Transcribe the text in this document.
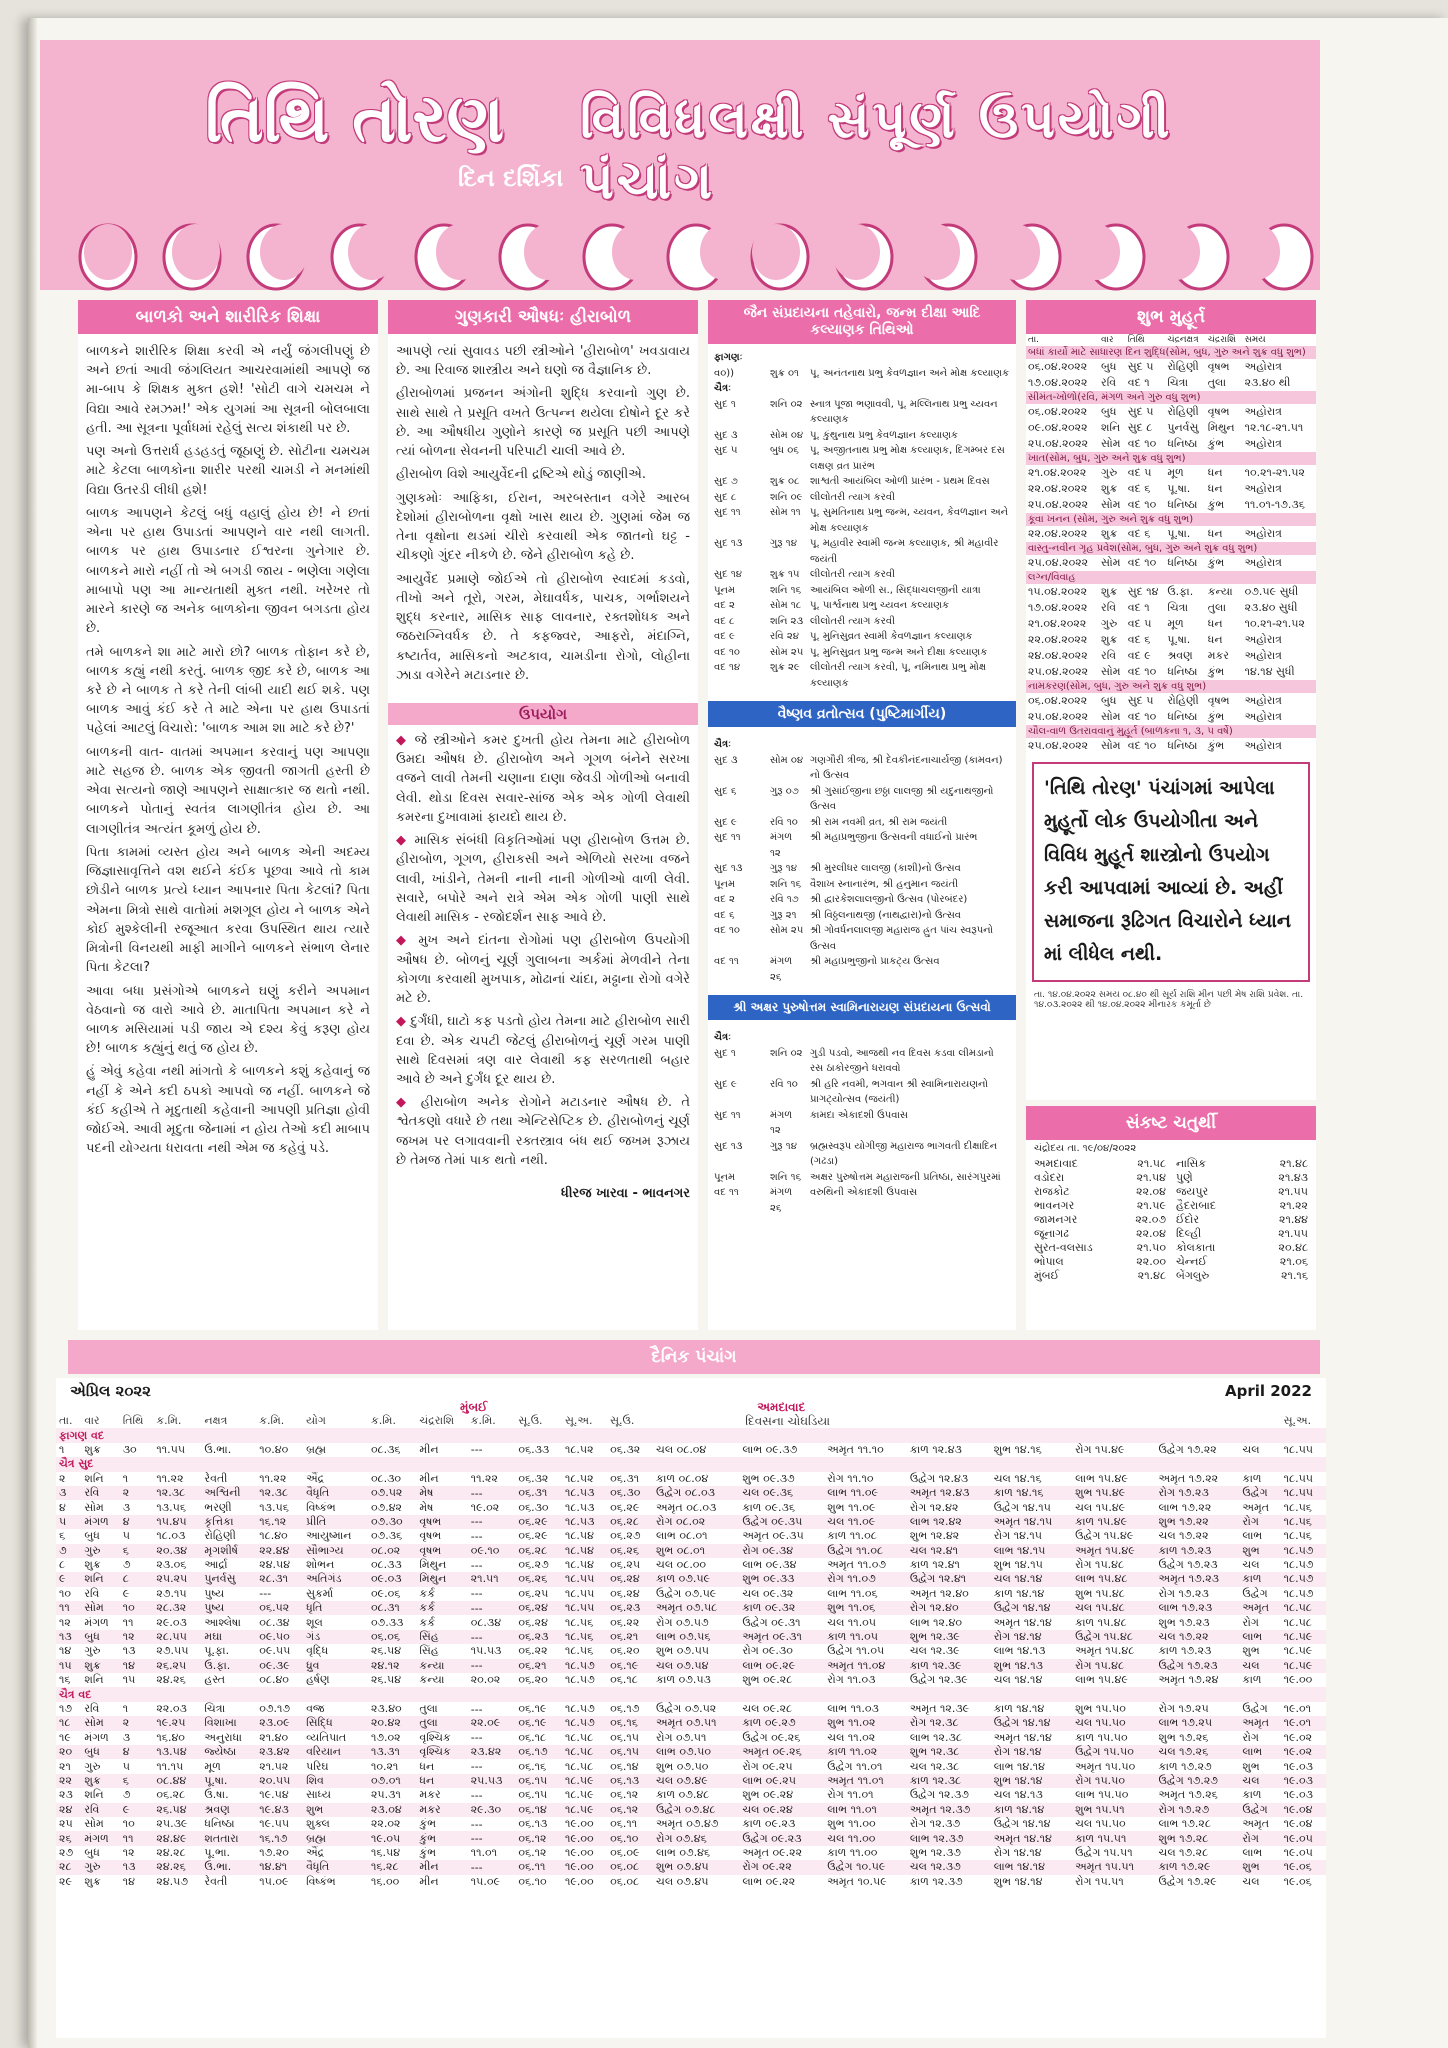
તિથિ તોરણ વિવિધલક્ષી સંપૂર્ણ ઉપયોગી પંચાંગ
દિન દર્શિકા
બાળકો અને શારીરિક શિક્ષા

બાળકને શારીરિક શિક્ષા કરવી એ નર્યું જંગલીપણું છે અને છતાં આવી જંગલિયત આચરવામાંથી આપણે જ મા-બાપ કે શિક્ષક મુક્ત હશે! 'સોટી વાગે ચમચમ ને વિદ્યા આવે રમઝમ!' એક યુગમાં આ સૂત્રની બોલબાલા હતી. આ સૂત્રના પૂર્વાધમાં રહેલું સત્ય શંકાથી પર છે.

પણ અનો ઉત્તરાર્ધ હડહડતું જૂઠાણું છે. સોટીના ચમચમ માટે કેટલા બાળકોના શારીર પરથી ચામડી ને મનમાંથી વિદ્યા ઉતરડી લીધી હશે!

બાળક આપણને કેટલું બધું વહાલું હોય છે! ને છતાં એના પર હાથ ઉપાડતાં આપણને વાર નથી લાગતી. બાળક પર હાથ ઉપાડનાર ઈશ્વરના ગુનેગાર છે. બાળકને મારો નહીં તો એ બગડી જાય - ભણેલા ગણેલા માબાપો પણ આ માન્યતાથી મુક્ત નથી. ખરેખર તો મારને કારણે જ અનેક બાળકોના જીવન બગડતા હોય છે.

તમે બાળકને શા માટે મારો છો? બાળક તોફાન કરે છે, બાળક કહ્યું નથી કરતું. બાળક જીદ કરે છે, બાળક આ કરે છે ને બાળક તે કરે તેની લાંબી યાદી થઈ શકે. પણ બાળક આવું કંઈ કરે તે માટે એના પર હાથ ઉપાડતાં પહેલાં આટલું વિચારો: 'બાળક આમ શા માટે કરે છે?'

બાળકની વાત- વાતમાં અપમાન કરવાનું પણ આપણા માટે સહજ છે. બાળક એક જીવતી જાગતી હસ્તી છે એવા સત્યનો જાણે આપણને સાક્ષાત્કાર જ થતો નથી. બાળકને પોતાનું સ્વતંત્ર લાગણીતંત્ર હોય છે. આ લાગણીતંત્ર અત્યંત કૂમળું હોય છે.

પિતા કામમાં વ્યસ્ત હોય અને બાળક એની અદમ્ય જિજ્ઞાસાવૃત્તિને વશ થઈને કંઈક પૂછવા આવે તો કામ છોડીને બાળક પ્રત્યે ધ્યાન આપનાર પિતા કેટલાં? પિતા એમના મિત્રો સાથે વાતોમાં મશગૂલ હોય ને બાળક એને કોઈ મુશ્કેલીની રજૂઆત કરવા ઉપસ્થિત થાય ત્યારે મિત્રોની વિનયથી માફી માગીને બાળકને સંભાળ લેનાર પિતા કેટલા?

આવા બધા પ્રસંગોએ બાળકને ઘણું કરીને અપમાન વેઠવાનો જ વારો આવે છે. માતાપિતા અપમાન કરે ને બાળક મસિયામાં પડી જાય એ દશ્ય કેવું કરૂણ હોય છે! બાળક કહ્યુંનું થતું જ હોય છે.

હું એવું કહેવા નથી માંગતો કે બાળકને કશું કહેવાનું જ નહીં કે એને કદી ઠપકો આપવો જ નહીં. બાળકને જે કંઈ કહીએ તે મૃદુતાથી કહેવાની આપણી પ્રતિજ્ઞા હોવી જોઈએ. આવી મૃદુતા જેનામાં ન હોય તેઓ કદી માબાપ પદની યોગ્યતા ધરાવતા નથી એમ જ કહેવું પડે.

ગુણકારી ઔષધઃ હીરાબોળ

આપણે ત્યાં સુવાવડ પછી સ્ત્રીઓને 'હીરાબોળ' ખવડાવાય છે. આ રિવાજ શાસ્ત્રીય અને ઘણો જ વૈજ્ઞાનિક છે.

હીરાબોળમાં પ્રજનન અંગોની શુદ્ધિ કરવાનો ગુણ છે. સાથે સાથે તે પ્રસૂતિ વખતે ઉત્પન્ન થયેલા દોષોને દૂર કરે છે. આ ઔષધીય ગુણોને કારણે જ પ્રસૂતિ પછી આપણે ત્યાં બોળના સેવનની પરિપાટી ચાલી આવે છે.

હીરાબોળ વિશે આયુર્વેદની દ્રષ્ટિએ થોડું જાણીએ.

ગુણકમોઃ આફિકા, ઈરાન, અરબસ્તાન વગેરે આરબ દેશોમાં હીરાબોળના વૃક્ષો ખાસ થાય છે. ગુણમાં જેમ જ તેના વૃક્ષોના થડમાં ચીરો કરવાથી એક જાતનો ઘટ્ટ - ચીકણો ગુંદર નીકળે છે. જેને હીરાબોળ કહે છે.

આયુર્વેદ પ્રમાણે જોઈએ તો હીરાબોળ સ્વાદમાં કડવો, તીખો અને તૂરો, ગરમ, મેઘાવર્ધક, પાચક, ગર્ભાશયને શુદ્ધ કરનાર, માસિક સાફ લાવનાર, રક્તશોધક અને જઠરાગ્નિવર્ધક છે. તે કફજ્વર, આફરો, મંદાગ્નિ, કષ્ટાર્તવ, માસિકનો અટકાવ, ચામડીના રોગો, લોહીના ઝાડા વગેરેને મટાડનાર છે.

ઉપયોગ

◆ જે સ્ત્રીઓને કમર દુખતી હોય તેમના માટે હીરાબોળ ઉમદા ઔષધ છે. હીરાબોળ અને ગૂગળ બંનેને સરખા વજને લાવી તેમની ચણાના દાણા જેવડી ગોળીઓ બનાવી લેવી. થોડા દિવસ સવાર-સાંજ એક એક ગોળી લેવાથી કમરના દુખાવામાં ફાયદો થાય છે.

◆ માસિક સંબંધી વિકૃતિઓમાં પણ હીરાબોળ ઉત્તમ છે. હીરાબોળ, ગૂગળ, હીરાકસી અને એળિયો સરખા વજને લાવી, ખાંડીને, તેમની નાની નાની ગોળીઓ વાળી લેવી. સવારે, બપોરે અને રાત્રે એમ એક ગોળી પાણી સાથે લેવાથી માસિક - રજોદર્શન સાફ આવે છે.

◆ મુખ અને દાંતના રોગોમાં પણ હીરાબોળ ઉપયોગી ઔષધ છે. બોળનું ચૂર્ણ ગુલાબના અર્કમાં મેળવીને તેના કોગળા કરવાથી મુખપાક, મોઢાનાં ચાંદા, મઢ્ઢાના રોગો વગેરે મટે છે.

◆ દુર્ગંધી, ઘાટો કફ પડતો હોય તેમના માટે હીરાબોળ સારી દવા છે. એક ચપટી જેટલું હીરાબોળનું ચૂર્ણ ગરમ પાણી સાથે દિવસમાં ત્રણ વાર લેવાથી કફ સરળતાથી બહાર આવે છે અને દુર્ગંધ દૂર થાય છે.

◆ હીરાબોળ અનેક રોગોને મટાડનાર ઔષધ છે. તે શ્વેતકણો વધારે છે તથા એન્ટિસેપ્ટિક છે. હીરાબોળનું ચૂર્ણ જખમ પર લગાવવાની રક્તસ્ત્રાવ બંધ થઈ જખમ રૂઝાય છે તેમજ તેમાં પાક થતો નથી.

ધીરજ ખારવા - ભાવનગર
જૈન સંપ્રદાયના તહેવારો, જન્મ દીક્ષા આદિ કલ્યાણક તિથિઓ
ફાગણઃ
વ૦))	શુક્ર ૦૧	પૂ. અનંતનાથ પ્રભુ કેવળજ્ઞાન અને મોક્ષ કલ્યાણક
ચૈત્રઃ
સુદ ૧	શનિ ૦૨ સ્નાત્ર પૂજા ભણાવવી, પૂ. મલ્લિનાથ પ્રભુ ચ્યવન કલ્યાણક
સુદ ૩	સોમ ૦૪ પૂ. કુંથુનાથ પ્રભુ કેવળજ્ઞાન કલ્યાણક
સુદ ૫	બુધ ૦૬	પૂ. અજીતનાથ પ્રભુ મોક્ષ કલ્યાણક, દિગમ્બર દસ લક્ષણ વ્રત પ્રારંભ
સુદ ૭	શુક્ર ૦૮	શાશ્વતી આયંબિલ ઓળી પ્રારંભ - પ્રથમ દિવસ
સુદ ૮	શનિ ૦૯ લીલોતરી ત્યાગ કરવી
સુદ ૧૧	સોમ ૧૧ પૂ. સુમતિનાથ પ્રભુ જન્મ, ચ્યવન, કેવળજ્ઞાન અને મોક્ષ કલ્યાણક
સુદ ૧૩	ગુરૂ ૧૪	પૂ. મહાવીર સ્વામી જન્મ કલ્યાણક, શ્રી મહાવીર જયંતી
સુદ ૧૪	શુક્ર ૧૫	લીલોતરી ત્યાગ કરવી
પૂનમ	શનિ ૧૬ આયંબિલ ઓળી સ., સિદ્ધાચલજીની યાત્રા
વદ ૨	સોમ ૧૮ પૂ. પાર્શ્વનાથ પ્રભુ ચ્યવન કલ્યાણક
વદ ૮	શનિ ૨૩ લીલોતરી ત્યાગ કરવી
વદ ૯	રવિ ૨૪	પૂ. મુનિસુવ્રત સ્વામી કેવળજ્ઞાન કલ્યાણક
વદ ૧૦	સોમ ૨૫ પૂ. મુનિસુવ્રત પ્રભુ જન્મ અને દીક્ષા કલ્યાણક
વદ ૧૪	શુક્ર ૨૯	લીલોતરી ત્યાગ કરવી, પૂ. નમિનાથ પ્રભુ મોક્ષ કલ્યાણક
વૈષ્ણવ વ્રતોત્સવ (પુષ્ટિમાર્ગીય)
ચૈત્રઃ
સુદ ૩	સોમ ૦૪ ગણગૌરી ત્રીજ, શ્રી દેવકીનંદનાચાર્યજી (કામવન) નો ઉત્સવ
સુદ ૬	ગુરૂ ૦૭	શ્રી ગુસાંઈજીના છઠ્ઠા લાલજી શ્રી યદુનાથજીનો ઉત્સવ
સુદ ૯	રવિ ૧૦	શ્રી રામ નવમી વ્રત, શ્રી રામ જયંતી
સુદ ૧૧	મંગળ ૧૨
શ્રી મહાપ્રભુજીના ઉત્સવની વધાઈનો પ્રારંભ
સુદ ૧૩	ગુરૂ ૧૪	શ્રી મુરલીધર લાલજી (કાશી)નો ઉત્સવ
પૂનમ	શનિ ૧૬ વૈશાખ સ્નાનારંભ, શ્રી હનુમાન જયંતી
વદ ૨	રવિ ૧૭	શ્રી દ્વારકેશલાલજીનો ઉત્સવ (પોરબંદર)
વદ ૬	ગુરૂ ૨૧	શ્રી વિઠ્ઠલનાથજી (નાથદ્વારા)નો ઉત્સવ
વદ ૧૦	સોમ ૨૫ શ્રી ગોવર્ધનલાલજી મહારાજ હ્રુત પાંચ સ્વરૂપનો ઉત્સવ
વદ ૧૧	મંગળ ૨૬
શ્રી મહાપ્રભુજીનો પ્રાકટ્ય ઉત્સવ
શ્રી અક્ષર પુરુષોત્તમ સ્વામિનારાયણ સંપ્રદાયના ઉત્સવો
ચૈત્રઃ
સુદ ૧	શનિ ૦૨ ગુડી પડવો, આજથી નવ દિવસ કડવા લીમડાનો રસ ઠાકોરજીને ધરાવવો
સુદ ૯	રવિ ૧૦	શ્રી હરિ નવમી, ભગવાન શ્રી સ્વામિનારાયણનો પ્રાગટ્યોત્સવ (જયંતી)
સુદ ૧૧	મંગળ ૧૨
કામદા એકાદશી ઉપવાસ
સુદ ૧૩	ગુરૂ ૧૪	બ્રહ્મસ્વરૂપ યોગીજી મહારાજ ભાગવતી દીક્ષાદિન (ગઢડા)
પૂનમ	શનિ ૧૬ અક્ષર પુરુષોત્તમ મહારાજની પ્રતિષ્ઠા, સારંગપુરમાં
વદ ૧૧	મંગળ ૨૬
વરુથિની એકાદશી ઉપવાસ
શુભ મુહૂર્ત
તા.	વાર	તિથિ	ચંદ્રનક્ષત્ર	ચંદ્રરાશિ	સમય
બધાં કાર્યો માટે સાધારણ દિન શુદ્ધિ(સોમ, બુધ, ગુરુ અને શુક્ર વધુ શુભ)					
૦૬.૦૪.૨૦૨૨	બુધ	સુદ ૫	રોહિણી	વૃષભ	અહોરાત્ર
૧૭.૦૪.૨૦૨૨	રવિ	વદ ૧	ચિત્રા	તુલા	૨૩.૪૦ થી
સીમંત-ખોળો(રવિ, મંગળ અને ગુરુ વધુ શુભ)					
૦૬.૦૪.૨૦૨૨	બુધ	સુદ ૫	રોહિણી	વૃષભ	અહોરાત્ર
૦૯.૦૪.૨૦૨૨	શનિ	સુદ ૮	પુનર્વસુ	મિથુન	૧૨.૧૮-૨૧.૫૧
૨૫.૦૪.૨૦૨૨	સોમ	વદ ૧૦	ધનિષ્ઠા	કુંભ	અહોરાત્ર
ખાત(સોમ, બુધ, ગુરુ અને શુક્ર વધુ શુભ)					
૨૧.૦૪.૨૦૨૨	ગુરુ	વદ ૫	મૂળ	ધન	૧૦.૨૧-૨૧.૫૨
૨૨.૦૪.૨૦૨૨	શુક્ર	વદ ૬	પૂ.ષા.	ધન	અહોરાત્ર
૨૫.૦૪.૨૦૨૨	સોમ	વદ ૧૦	ધનિષ્ઠા	કુંભ	૧૧.૦૧-૧૭.૩૬
કૂવા ખનન (સોમ, ગુરુ અને શુક્ર વધુ શુભ)					
૨૨.૦૪.૨૦૨૨	શુક્ર	વદ ૬	પૂ.ષા.	ધન	અહોરાત્ર
વાસ્તુ-નવીન ગૃહ પ્રવેશ(સોમ, બુધ, ગુરુ અને શુક્ર વધુ શુભ)					
૨૫.૦૪.૨૦૨૨	સોમ	વદ ૧૦	ધનિષ્ઠા	કુંભ	અહોરાત્ર
લગ્ન/વિવાહ					
૧૫.૦૪.૨૦૨૨	શુક્ર	સુદ ૧૪	ઉ.ફા.	કન્યા	૦૭.૫૯ સુધી
૧૭.૦૪.૨૦૨૨	રવિ	વદ ૧	ચિત્રા	તુલા	૨૩.૪૦ સુધી
૨૧.૦૪.૨૦૨૨	ગુરુ	વદ ૫	મૂળ	ધન	૧૦.૨૧-૨૧.૫૨
૨૨.૦૪.૨૦૨૨	શુક્ર	વદ ૬	પૂ.ષા.	ધન	અહોરાત્ર
૨૪.૦૪.૨૦૨૨	રવિ	વદ ૯	શ્રવણ	મકર	અહોરાત્ર
૨૫.૦૪.૨૦૨૨	સોમ	વદ ૧૦	ધનિષ્ઠા	કુંભ	૧૪.૧૪ સુધી
નામકરણ(સોમ, બુધ, ગુરુ અને શુક્ર વધુ શુભ)					
૦૬.૦૪.૨૦૨૨	બુધ	સુદ ૫	રોહિણી	વૃષભ	અહોરાત્ર
૨૫.૦૪.૨૦૨૨	સોમ	વદ ૧૦	ધનિષ્ઠા	કુંભ	અહોરાત્ર
ચૌલ-વાળ ઉતરાવવાનું મુહૂર્ત (બાળકના ૧, ૩, ૫ વર્ષે)					
૨૫.૦૪.૨૦૨૨	સોમ	વદ ૧૦	ધનિષ્ઠા	કુંભ	અહોરાત્ર
'તિથિ તોરણ' પંચાંગમાં આપેલા મુહૂર્તો લોક ઉપયોગીતા અને વિવિધ મુહૂર્ત શાસ્ત્રોનો ઉપયોગ કરી આપવામાં આવ્યાં છે. અહીં સમાજના રૂઢિગત વિચારોને ધ્યાન માં લીધેલ નથી.
તા. ૧૪.૦૪.૨૦૨૨ સમય ૦૮.૪૦ થી સૂર્ય રાશિ મીન પછી મેષ રાશિ પ્રવેશ. તા. ૧૪.૦૩.૨૦૨૨ થી ૧૪.૦૪.૨૦૨૨ મીનારક કમૂર્તા છે
સંકષ્ટ ચતુર્થી
ચંદ્રોદય તા. ૧૯/૦૪/૨૦૨૨
અમદાવાદ	૨૧.૫૮ નાસિક	૨૧.૪૮
વડોદરા	૨૧.૫૪ પુણે	૨૧.૪૩
રાજકોટ	૨૨.૦૪ જયપુર	૨૧.૫૫
ભાવનગર	૨૧.૫૯ હૈદરાબાદ	૨૧.૨૨
જામનગર	૨૨.૦૭ ઈંદોર	૨૧.૪૪
જૂનાગઢ	૨૨.૦૪ દિલ્હી	૨૧.૫૫
સુરત-વલસાડ	૨૧.૫૦ કોલકાતા	૨૦.૪૮
ભોપાલ	૨૨.૦૦ ચેન્નઈ	૨૧.૦૬
મુંબઈ	૨૧.૪૮ બેંગલુરુ	૨૧.૧૬
દૈનિક પંચાંગ
એપ્રિલ ૨૦૨૨	April 2022
મુંબઈ	અમદાવાદ
દિવસના ચોઘડિયા
તા.	વાર	તિથિ	ક.મિ.	નક્ષત્ર	ક.મિ.	યોગ	ક.મિ.	ચંદ્રરાશિ	ક.મિ.	સૂ.ઉ.	સૂ.અ.	સૂ.ઉ.									સૂ.અ.
ફાગણ વદ																					
૧	શુક્ર	૩૦	૧૧.૫૫	ઉ.ભા.	૧૦.૪૦	બ્રહ્મ	૦૮.૩૬	મીન	---	૦૬.૩૩	૧૮.૫૨	૦૬.૩૨	ચલ ૦૮.૦૪	લાભ ૦૯.૩૭	અમૃત ૧૧.૧૦	કાળ ૧૨.૪૩	શુભ ૧૪.૧૬	રોગ ૧૫.૪૯	ઉદ્વેગ ૧૭.૨૨	ચલ	૧૮.૫૫
ચૈત્ર સુદ																					
૨	શનિ	૧	૧૧.૨૨	રેવતી	૧૧.૨૨	ઐંદ્ર	૦૮.૩૦	મીન	૧૧.૨૨	૦૬.૩૨	૧૮.૫૨	૦૬.૩૧	કાળ ૦૮.૦૪	શુભ ૦૯.૩૭	રોગ ૧૧.૧૦	ઉદ્વેગ ૧૨.૪૩	ચલ ૧૪.૧૬	લાભ ૧૫.૪૯	અમૃત ૧૭.૨૨	કાળ	૧૮.૫૫
૩	રવિ	૨	૧૨.૩૮	અશ્વિની	૧૨.૩૮	વૈધૃતિ	૦૭.૫૨	મેષ	---	૦૬.૩૧	૧૮.૫૩	૦૬.૩૦	ઉદ્વેગ ૦૮.૦૩	ચલ ૦૯.૩૬	લાભ ૧૧.૦૯	અમૃત ૧૨.૪૩	કાળ ૧૪.૧૬	શુભ ૧૫.૪૯	રોગ ૧૭.૨૩	ઉદ્વેગ	૧૮.૫૫
૪	સોમ	૩	૧૩.૫૬	ભરણી	૧૩.૫૬	વિષ્કંભ	૦૭.૪૨	મેષ	૧૯.૦૨	૦૬.૩૦	૧૮.૫૩	૦૬.૨૯	અમૃત ૦૮.૦૩	કાળ ૦૯.૩૬	શુભ ૧૧.૦૯	રોગ ૧૨.૪૨	ઉદ્વેગ ૧૪.૧૫	ચલ ૧૫.૪૯	લાભ ૧૭.૨૨	અમૃત	૧૮.૫૬
૫	મંગળ	૪	૧૫.૪૫	કૃત્તિકા	૧૬.૧૨	પ્રીતિ	૦૭.૩૦	વૃષભ	---	૦૬.૨૯	૧૮.૫૩	૦૬.૨૮	રોગ ૦૮.૦૨	ઉદ્વેગ ૦૯.૩૫	ચલ ૧૧.૦૯	લાભ ૧૨.૪૨	અમૃત ૧૪.૧૫	કાળ ૧૫.૪૯	શુભ ૧૭.૨૨	રોગ	૧૮.૫૬
૬	બુધ	૫	૧૮.૦૩	રોહિણી	૧૮.૪૦	આયુષ્માન	૦૭.૩૬	વૃષભ	---	૦૬.૨૯	૧૮.૫૪	૦૬.૨૭	લાભ ૦૮.૦૧	અમૃત ૦૯.૩૫	કાળ ૧૧.૦૮	શુભ ૧૨.૪૨	રોગ ૧૪.૧૫	ઉદ્વેગ ૧૫.૪૯	ચલ ૧૭.૨૨	લાભ	૧૮.૫૬
૭	ગુરુ	૬	૨૦.૩૪	મૃગશીર્ષ	૨૨.૪૪	સૌભાગ્ય	૦૮.૦૨	વૃષભ	૦૯.૧૦	૦૬.૨૮	૧૮.૫૪	૦૬.૨૬	શુભ ૦૮.૦૧	રોગ ૦૯.૩૪	ઉદ્વેગ ૧૧.૦૮	ચલ ૧૨.૪૧	લાભ ૧૪.૧૫	અમૃત ૧૫.૪૯	કાળ ૧૭.૨૩	શુભ	૧૮.૫૭
૮	શુક્ર	૭	૨૩.૦૬	આર્દ્રા	૨૪.૫૪	શોભન	૦૮.૩૩	મિથુન	---	૦૬.૨૭	૧૮.૫૪	૦૬.૨૫	ચલ ૦૮.૦૦	લાભ ૦૯.૩૪	અમૃત ૧૧.૦૭	કાળ ૧૨.૪૧	શુભ ૧૪.૧૫	રોગ ૧૫.૪૮	ઉદ્વેગ ૧૭.૨૩	ચલ	૧૮.૫૭
૯	શનિ	૮	૨૫.૨૫	પુનર્વસુ	૨૮.૩૧	અતિગંડ	૦૯.૦૩	મિથુન	૨૧.૫૧	૦૬.૨૬	૧૮.૫૫	૦૬.૨૪	કાળ ૦૭.૫૯	શુભ ૦૯.૩૩	રોગ ૧૧.૦૭	ઉદ્વેગ ૧૨.૪૧	ચલ ૧૪.૧૪	લાભ ૧૫.૪૮	અમૃત ૧૭.૨૩	કાળ	૧૮.૫૭
૧૦	રવિ	૯	૨૭.૧૫	પુષ્ય	---	સુકર્મા	૦૯.૦૬	કર્ક	---	૦૬.૨૫	૧૮.૫૫	૦૬.૨૪	ઉદ્વેગ ૦૭.૫૯	ચલ ૦૯.૩૨	લાભ ૧૧.૦૬	અમૃત ૧૨.૪૦	કાળ ૧૪.૧૪	શુભ ૧૫.૪૮	રોગ ૧૭.૨૩	ઉદ્વેગ	૧૮.૫૭
૧૧	સોમ	૧૦	૨૮.૩૨	પુષ્ય	૦૬.૫૨	ધૃતિ	૦૮.૩૧	કર્ક	---	૦૬.૨૪	૧૮.૫૫	૦૬.૨૩	અમૃત ૦૭.૫૮	કાળ ૦૯.૩૨	શુભ ૧૧.૦૬	રોગ ૧૨.૪૦	ઉદ્વેગ ૧૪.૧૪	ચલ ૧૫.૪૮	લાભ ૧૭.૨૩	અમૃત	૧૮.૫૮
૧૨	મંગળ	૧૧	૨૯.૦૩	આશ્લેષા	૦૮.૩૪	શૂલ	૦૭.૩૩	કર્ક	૦૮.૩૪	૦૬.૨૪	૧૮.૫૬	૦૬.૨૨	રોગ ૦૭.૫૭	ઉદ્વેગ ૦૯.૩૧	ચલ ૧૧.૦૫	લાભ ૧૨.૪૦	અમૃત ૧૪.૧૪	કાળ ૧૫.૪૮	શુભ ૧૭.૨૩	રોગ	૧૮.૫૮
૧૩	બુધ	૧૨	૨૮.૫૫	મઘા	૦૯.૫૦	ગંડ	૦૬.૦૬	સિંહ	---	૦૬.૨૩	૧૮.૫૬	૦૬.૨૧	લાભ ૦૭.૫૬	અમૃત ૦૯.૩૧	કાળ ૧૧.૦૫	શુભ ૧૨.૩૯	રોગ ૧૪.૧૪	ઉદ્વેગ ૧૫.૪૮	ચલ ૧૭.૨૨	લાભ	૧૮.૫૯
૧૪	ગુરુ	૧૩	૨૭.૫૫	પૂ.ફા.	૦૯.૫૫	વૃદ્ધિ	૨૬.૫૪	સિંહ	૧૫.૫૩	૦૬.૨૨	૧૮.૫૬	૦૬.૨૦	શુભ ૦૭.૫૫	રોગ ૦૯.૩૦	ઉદ્વેગ ૧૧.૦૫	ચલ ૧૨.૩૯	લાભ ૧૪.૧૩	અમૃત ૧૫.૪૮	કાળ ૧૭.૨૩	શુભ	૧૮.૫૯
૧૫	શુક્ર	૧૪	૨૬.૨૫	ઉ.ફા.	૦૯.૩૯	ધ્રુવ	૨૪.૧૨	કન્યા	---	૦૬.૨૧	૧૮.૫૭	૦૬.૧૯	ચલ ૦૭.૫૪	લાભ ૦૯.૨૯	અમૃત ૧૧.૦૪	કાળ ૧૨.૩૯	શુભ ૧૪.૧૩	રોગ ૧૫.૪૮	ઉદ્વેગ ૧૭.૨૩	ચલ	૧૮.૫૯
૧૬	શનિ	૧૫	૨૪.૨૬	હસ્ત	૦૮.૪૦	હર્ષણ	૨૬.૫૪	કન્યા	૨૦.૦૨	૦૬.૨૦	૧૮.૫૭	૦૬.૧૮	કાળ ૦૭.૫૩	શુભ ૦૯.૨૮	રોગ ૧૧.૦૩	ઉદ્વેગ ૧૨.૩૯	ચલ ૧૪.૧૪	લાભ ૧૫.૪૯	અમૃત ૧૭.૨૪	કાળ	૧૯.૦૦
ચૈત્ર વદ																					
૧૭	રવિ	૧	૨૨.૦૩	ચિત્રા	૦૭.૧૭	વજ્ર	૨૩.૪૦	તુલા	---	૦૬.૧૯	૧૮.૫૭	૦૬.૧૭	ઉદ્વેગ ૦૭.૫૨	ચલ ૦૯.૨૮	લાભ ૧૧.૦૩	અમૃત ૧૨.૩૯	કાળ ૧૪.૧૪	શુભ ૧૫.૫૦	રોગ ૧૭.૨૫	ઉદ્વેગ	૧૯.૦૧
૧૮	સોમ	૨	૧૯.૨૫	વિશાખા	૨૩.૦૯	સિદ્ધિ	૨૦.૪૨	તુલા	૨૨.૦૯	૦૬.૧૯	૧૮.૫૭	૦૬.૧૬	અમૃત ૦૭.૫૧	કાળ ૦૯.૨૭	શુભ ૧૧.૦૨	રોગ ૧૨.૩૮	ઉદ્વેગ ૧૪.૧૪	ચલ ૧૫.૫૦	લાભ ૧૭.૨૫	અમૃત	૧૯.૦૧
૧૯	મંગળ	૩	૧૬.૪૦	અનુરાધા	૨૧.૪૦	વ્યતિપાત	૧૭.૦૨	વૃશ્ચિક	---	૦૬.૧૮	૧૮.૫૮	૦૬.૧૫	રોગ ૦૭.૫૧	ઉદ્વેગ ૦૯.૨૬	ચલ ૧૧.૦૨	લાભ ૧૨.૩૮	અમૃત ૧૪.૧૪	કાળ ૧૫.૫૦	શુભ ૧૭.૨૬	રોગ	૧૯.૦૨
૨૦	બુધ	૪	૧૩.૫૪	જ્યેષ્ઠા	૨૩.૪૨	વરિયાન	૧૩.૩૧	વૃશ્ચિક	૨૩.૪૨	૦૬.૧૭	૧૮.૫૮	૦૬.૧૫	લાભ ૦૭.૫૦	અમૃત ૦૯.૨૬	કાળ ૧૧.૦૨	શુભ ૧૨.૩૮	રોગ ૧૪.૧૪	ઉદ્વેગ ૧૫.૫૦	ચલ ૧૭.૨૬	લાભ	૧૯.૦૨
૨૧	ગુરુ	૫	૧૧.૧૫	મૂળ	૨૧.૫૨	પરિઘ	૧૦.૨૧	ધન	---	૦૬.૧૬	૧૮.૫૮	૦૬.૧૪	શુભ ૦૭.૫૦	રોગ ૦૯.૨૫	ઉદ્વેગ ૧૧.૦૧	ચલ ૧૨.૩૮	લાભ ૧૪.૧૪	અમૃત ૧૫.૫૦	કાળ ૧૭.૨૭	શુભ	૧૯.૦૩
૨૨	શુક્ર	૬	૦૮.૪૪	પૂ.ષા.	૨૦.૫૫	શિવ	૦૭.૦૧	ધન	૨૫.૫૩	૦૬.૧૫	૧૮.૫૯	૦૬.૧૩	ચલ ૦૭.૪૯	લાભ ૦૯.૨૫	અમૃત ૧૧.૦૧	કાળ ૧૨.૩૮	શુભ ૧૪.૧૪	રોગ ૧૫.૫૦	ઉદ્વેગ ૧૭.૨૭	ચલ	૧૯.૦૩
૨૩	શનિ	૭	૦૬.૨૮	ઉ.ષા.	૧૯.૫૪	સાધ્ય	૨૫.૩૧	મકર	---	૦૬.૧૫	૧૮.૫૯	૦૬.૧૨	કાળ ૦૭.૪૮	શુભ ૦૯.૨૪	રોગ ૧૧.૦૧	ઉદ્વેગ ૧૨.૩૭	ચલ ૧૪.૧૩	લાભ ૧૫.૫૦	અમૃત ૧૭.૨૬	કાળ	૧૯.૦૩
૨૪	રવિ	૯	૨૬.૫૪	શ્રવણ	૧૯.૪૩	શુભ	૨૩.૦૪	મકર	૨૯.૩૦	૦૬.૧૪	૧૮.૫૯	૦૬.૧૨	ઉદ્વેગ ૦૭.૪૮	ચલ ૦૯.૨૪	લાભ ૧૧.૦૧	અમૃત ૧૨.૩૭	કાળ ૧૪.૧૪	શુભ ૧૫.૫૧	રોગ ૧૭.૨૭	ઉદ્વેગ	૧૯.૦૪
૨૫	સોમ	૧૦	૨૫.૩૯	ધનિષ્ઠા	૧૯.૫૫	શુક્લ	૨૨.૦૨	કુંભ	---	૦૬.૧૩	૧૯.૦૦	૦૬.૧૧	અમૃત ૦૭.૪૭	કાળ ૦૯.૨૩	શુભ ૧૧.૦૦	રોગ ૧૨.૩૭	ઉદ્વેગ ૧૪.૧૪	ચલ ૧૫.૫૦	લાભ ૧૭.૨૮	અમૃત	૧૯.૦૪
૨૬	મંગળ	૧૧	૨૪.૪૯	શતતારા	૧૬.૧૭	બ્રહ્મ	૧૯.૦૫	કુંભ	---	૦૬.૧૨	૧૯.૦૦	૦૬.૧૦	રોગ ૦૭.૪૬	ઉદ્વેગ ૦૯.૨૩	ચલ ૧૧.૦૦	લાભ ૧૨.૩૭	અમૃત ૧૪.૧૪	કાળ ૧૫.૫૧	શુભ ૧૭.૨૮	રોગ	૧૯.૦૫
૨૭	બુધ	૧૨	૨૪.૨૮	પૂ.ભા.	૧૭.૨૦	ઐંદ્ર	૧૬.૫૪	કુંભ	૧૧.૦૧	૦૬.૧૨	૧૯.૦૦	૦૬.૦૯	લાભ ૦૭.૪૬	અમૃત ૦૯.૨૨	કાળ ૧૧.૦૦	શુભ ૧૨.૩૭	રોગ ૧૪.૧૪	ઉદ્વેગ ૧૫.૫૧	ચલ ૧૭.૨૮	લાભ	૧૯.૦૫
૨૮	ગુરુ	૧૩	૨૪.૨૬	ઉ.ભા.	૧૪.૪૧	વૈધૃતિ	૧૬.૨૮	મીન	---	૦૬.૧૧	૧૯.૦૦	૦૬.૦૮	શુભ ૦૭.૪૫	રોગ ૦૯.૨૨	ઉદ્વેગ ૧૦.૫૯	ચલ ૧૨.૩૭	લાભ ૧૪.૧૪	અમૃત ૧૫.૫૧	કાળ ૧૭.૨૯	શુભ	૧૯.૦૬
૨૯	શુક્ર	૧૪	૨૪.૫૭	રેવતી	૧૫.૦૯	વિષ્કંભ	૧૬.૦૦	મીન	૧૫.૦૯	૦૬.૧૦	૧૯.૦૦	૦૬.૦૮	ચલ ૦૭.૪૫	લાભ ૦૯.૨૨	અમૃત ૧૦.૫૯	કાળ ૧૨.૩૭	શુભ ૧૪.૧૪	રોગ ૧૫.૫૧	ઉદ્વેગ ૧૭.૨૯	ચલ	૧૯.૦૬
